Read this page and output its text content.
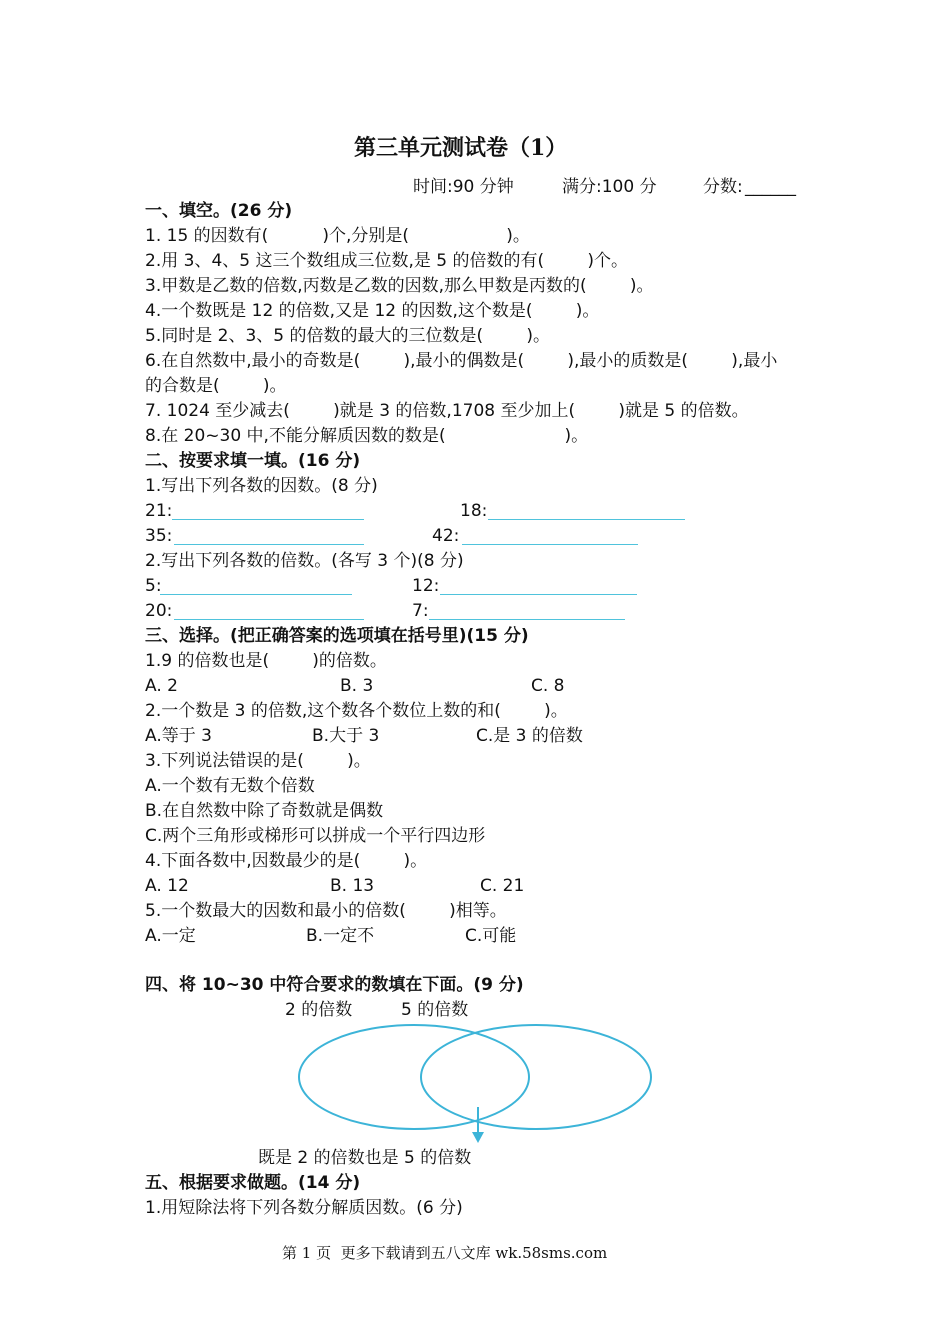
第三单元测试卷（1）
时间:90 分钟	满分:100 分	分数: ______
一、填空。(26 分)
1. 15 的因数有(          )个,分别是(                  )。
2.用 3、4、5 这三个数组成三位数,是 5 的倍数的有(        )个。
3.甲数是乙数的倍数,丙数是乙数的因数,那么甲数是丙数的(        )。
4.一个数既是 12 的倍数,又是 12 的因数,这个数是(        )。
5.同时是 2、3、5 的倍数的最大的三位数是(        )。
6.在自然数中,最小的奇数是(        ),最小的偶数是(        ),最小的质数是(        ),最小
的合数是(        )。
7. 1024 至少减去(        )就是 3 的倍数,1708 至少加上(        )就是 5 的倍数。
8.在 20~30 中,不能分解质因数的数是(                      )。
二、按要求填一填。(16 分)
1.写出下列各数的因数。(8 分)
21:	18:
35:	42:
2.写出下列各数的倍数。(各写 3 个)(8 分)
5:	12:
20:	7:
三、选择。(把正确答案的选项填在括号里)(15 分)
1.9 的倍数也是(        )的倍数。
A. 2	B. 3	C. 8
2.一个数是 3 的倍数,这个数各个数位上数的和(        )。
A.等于 3	B.大于 3	C.是 3 的倍数
3.下列说法错误的是(        )。
A.一个数有无数个倍数
B.在自然数中除了奇数就是偶数
C.两个三角形或梯形可以拼成一个平行四边形
4.下面各数中,因数最少的是(        )。
A. 12	B. 13	C. 21
5.一个数最大的因数和最小的倍数(        )相等。
A.一定	B.一定不	C.可能
四、将 10~30 中符合要求的数填在下面。(9 分)
2 的倍数	5 的倍数
既是 2 的倍数也是 5 的倍数
五、根据要求做题。(14 分)
1.用短除法将下列各数分解质因数。(6 分)
第 1 页  更多下载请到五八文库 wk.58sms.com
